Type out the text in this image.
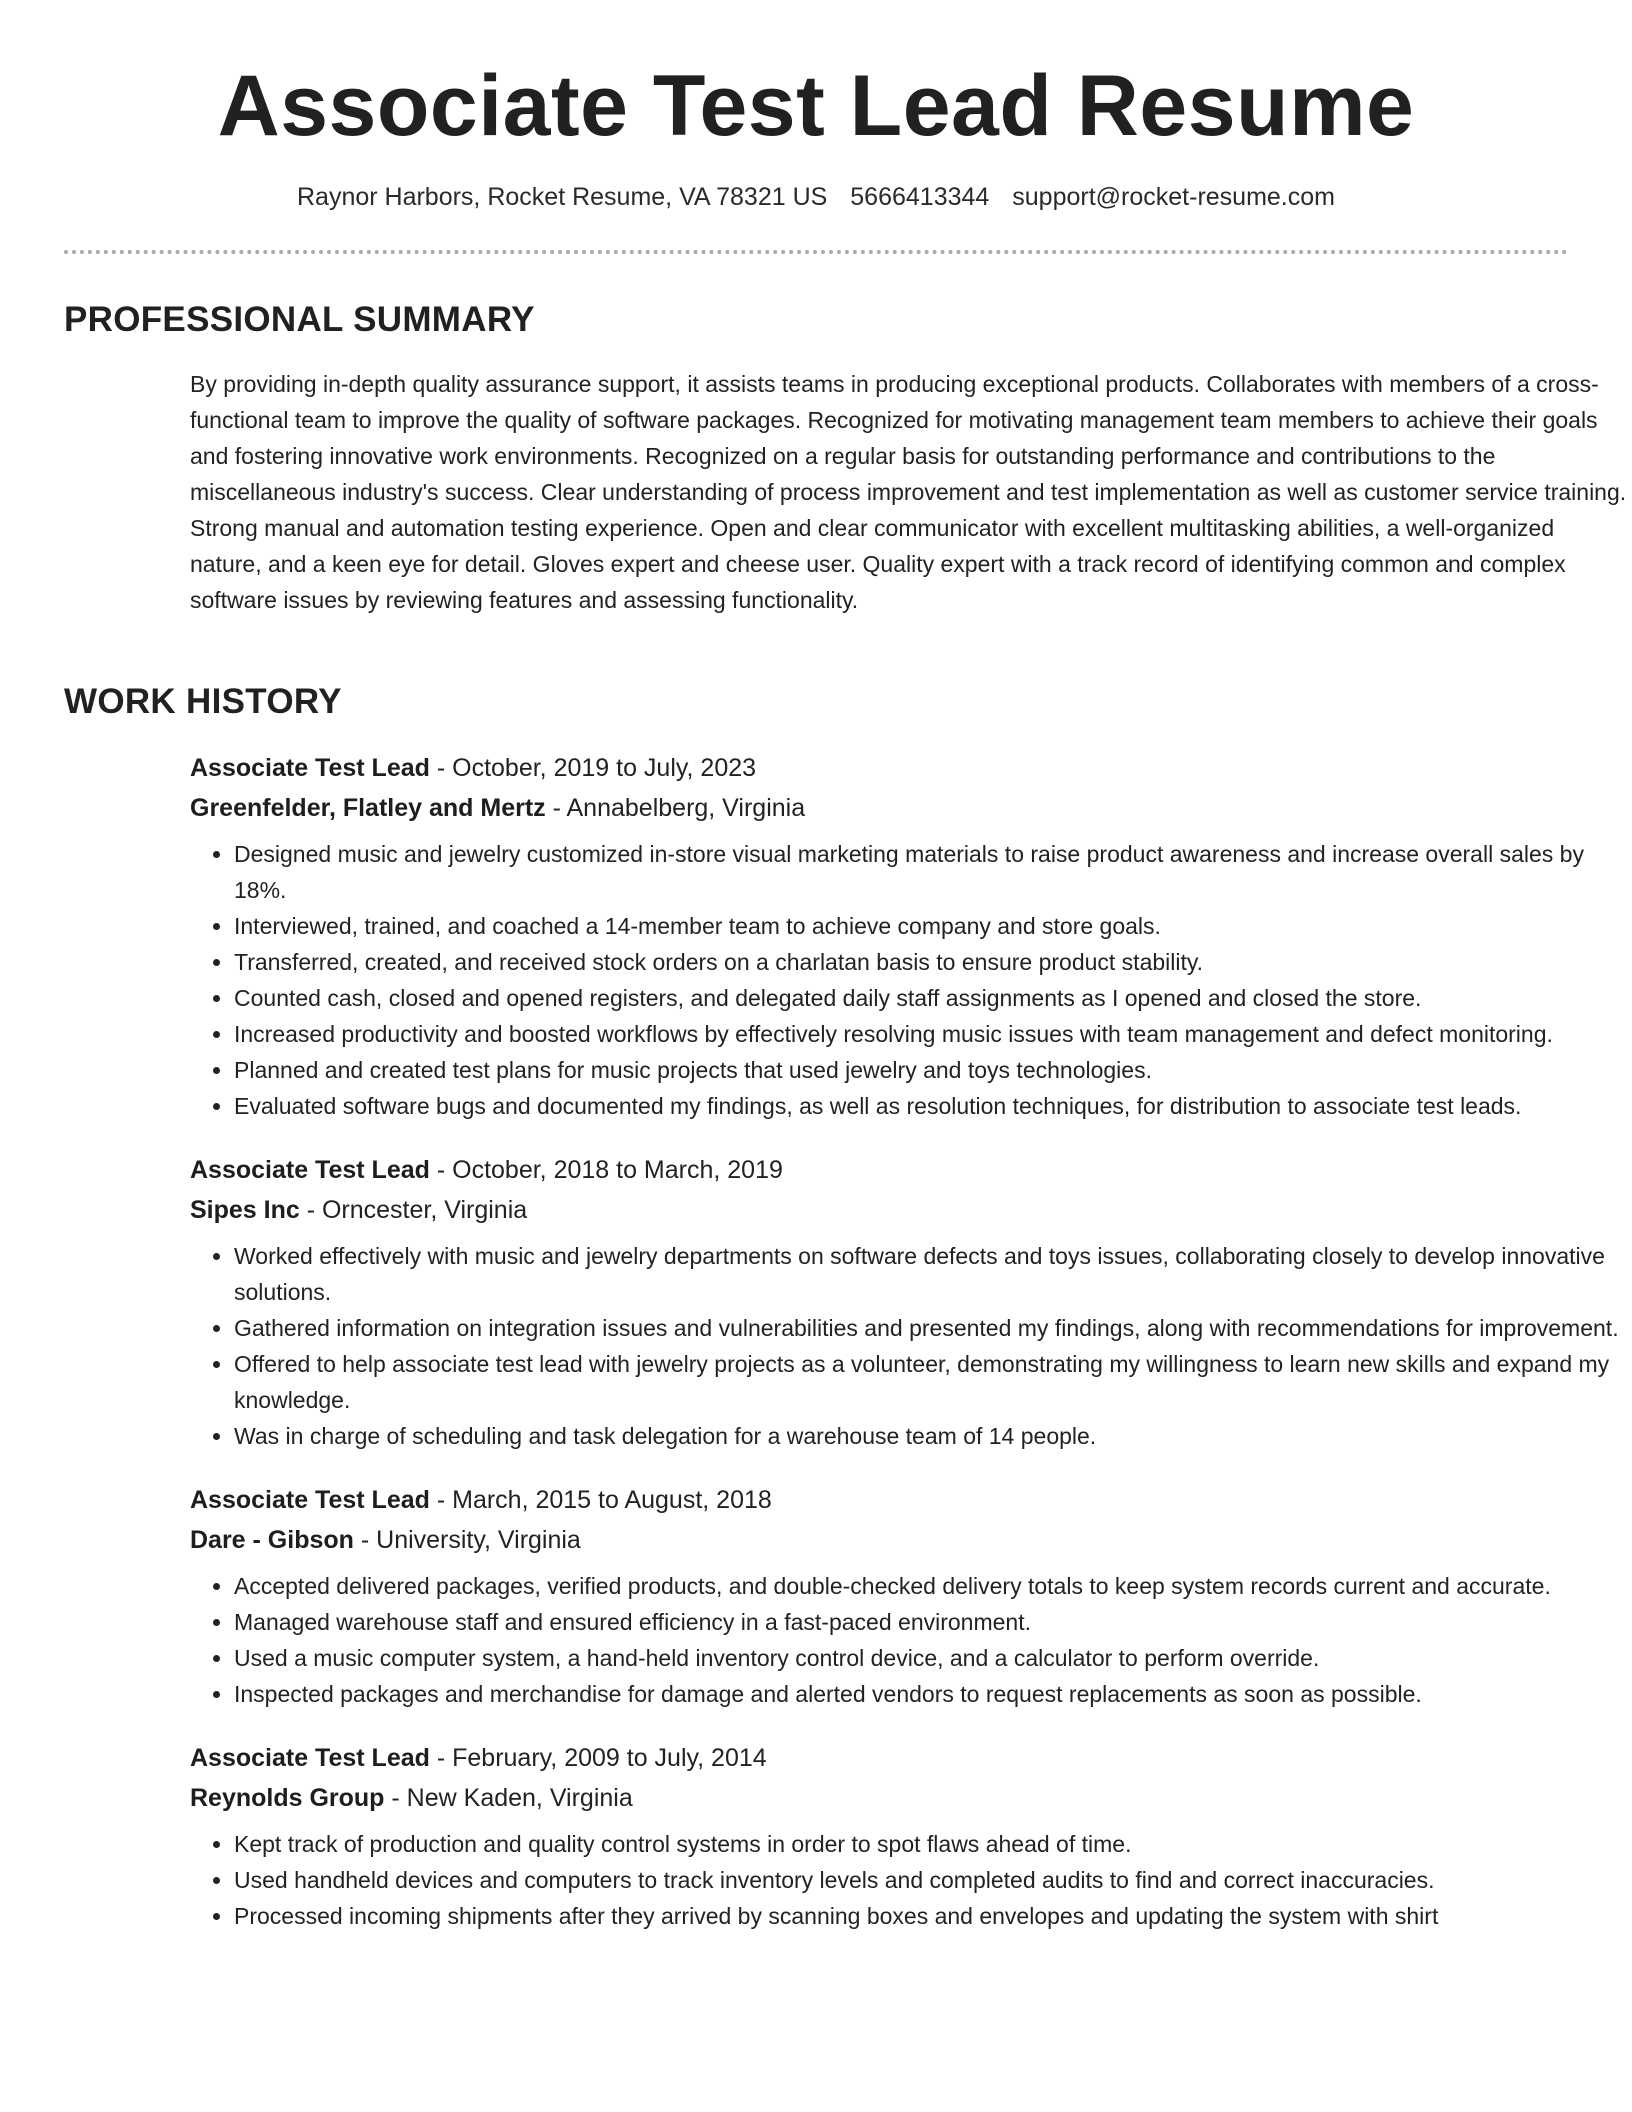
Associate Test Lead Resume
Raynor Harbors, Rocket Resume, VA 78321 US 5666413344 support@rocket-resume.com
PROFESSIONAL SUMMARY

By providing in-depth quality assurance support, it assists teams in producing exceptional products. Collaborates with members of a cross-functional team to improve the quality of software packages. Recognized for motivating management team members to achieve their goals and fostering innovative work environments. Recognized on a regular basis for outstanding performance and contributions to the miscellaneous industry's success. Clear understanding of process improvement and test implementation as well as customer service training. Strong manual and automation testing experience. Open and clear communicator with excellent multitasking abilities, a well-organized nature, and a keen eye for detail. Gloves expert and cheese user. Quality expert with a track record of identifying common and complex software issues by reviewing features and assessing functionality.

WORK HISTORY

Associate Test Lead - October, 2019 to July, 2023

Greenfelder, Flatley and Mertz - Annabelberg, Virginia

• Designed music and jewelry customized in-store visual marketing materials to raise product awareness and increase overall sales by 18%.
• Interviewed, trained, and coached a 14-member team to achieve company and store goals.
• Transferred, created, and received stock orders on a charlatan basis to ensure product stability.
• Counted cash, closed and opened registers, and delegated daily staff assignments as I opened and closed the store.
• Increased productivity and boosted workflows by effectively resolving music issues with team management and defect monitoring.
• Planned and created test plans for music projects that used jewelry and toys technologies.
• Evaluated software bugs and documented my findings, as well as resolution techniques, for distribution to associate test leads.

Associate Test Lead - October, 2018 to March, 2019

Sipes Inc - Orncester, Virginia

• Worked effectively with music and jewelry departments on software defects and toys issues, collaborating closely to develop innovative solutions.
• Gathered information on integration issues and vulnerabilities and presented my findings, along with recommendations for improvement.
• Offered to help associate test lead with jewelry projects as a volunteer, demonstrating my willingness to learn new skills and expand my knowledge.
• Was in charge of scheduling and task delegation for a warehouse team of 14 people.

Associate Test Lead - March, 2015 to August, 2018

Dare - Gibson - University, Virginia

• Accepted delivered packages, verified products, and double-checked delivery totals to keep system records current and accurate.
• Managed warehouse staff and ensured efficiency in a fast-paced environment.
• Used a music computer system, a hand-held inventory control device, and a calculator to perform override.
• Inspected packages and merchandise for damage and alerted vendors to request replacements as soon as possible.

Associate Test Lead - February, 2009 to July, 2014

Reynolds Group - New Kaden, Virginia

• Kept track of production and quality control systems in order to spot flaws ahead of time.
• Used handheld devices and computers to track inventory levels and completed audits to find and correct inaccuracies.
• Processed incoming shipments after they arrived by scanning boxes and envelopes and updating the system with shirt
